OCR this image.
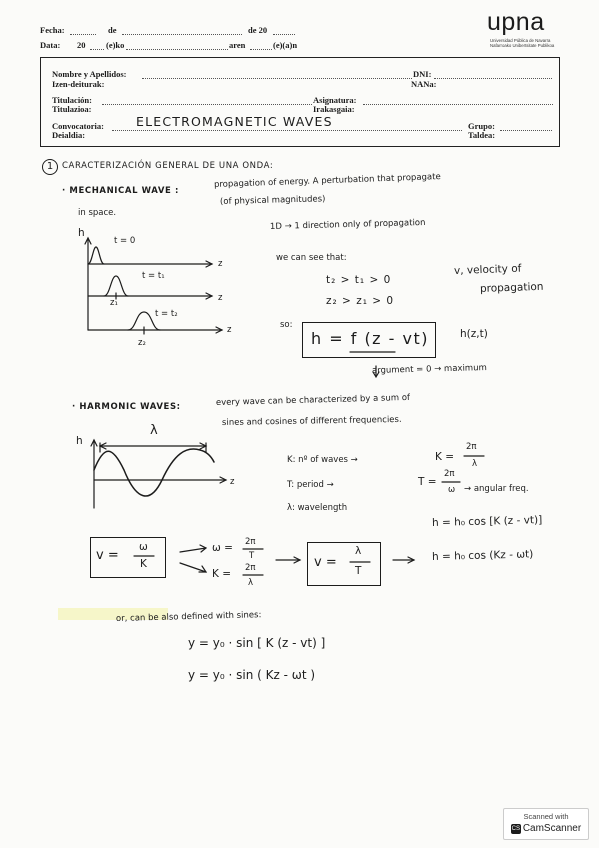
Fecha:	de	de 20
Data: 20 (e)ko	aren	(e)(a)n
upna
Universidad Pública de Navarra
Nafarroako Unibertsitate Publikoa
Nombre y Apellidos:
Izen-deiturak:
DNI:
NANa:
Titulación:
Titulazioa:
Asignatura:
Irakasgaia:
Convocatoria:
Deialdia:
ELECTROMAGNETIC WAVES	Grupo:
Taldea:
1	CARACTERIZACIÓN GENERAL DE UNA ONDA:
· MECHANICAL WAVE :
propagation of energy. A perturbation that propagate
in space.
(of physical magnitudes)
1D → 1 direction only of propagation
we can see that:
t₂ > t₁ > 0
z₂ > z₁ > 0
v, velocity of
propagation
so:
h = f (z - vt)	h(z,t)
argument = 0 → maximum
h
t = 0
t = t₁
t = t₂
z₁
z₂
z
z
z
· HARMONIC WAVES:	every wave can be characterized by a sum of
sines and cosines of different frequencies.
h
λ
z
K: nº of waves →	K =
2π
λ
T: period →	T =
2π
ω → angular freq.
λ: wavelength
v =
ω
K
ω = 2π
T
K = 2π
λ
v =
λ
T
h = h₀ cos [K (z - vt)]
h = h₀ cos (Kz - ωt)
or, can be also defined with sines:
y = y₀ · sin [ K (z - vt) ]
y = y₀ · sin ( Kz - ωt )
Scanned with
CS CamScanner
